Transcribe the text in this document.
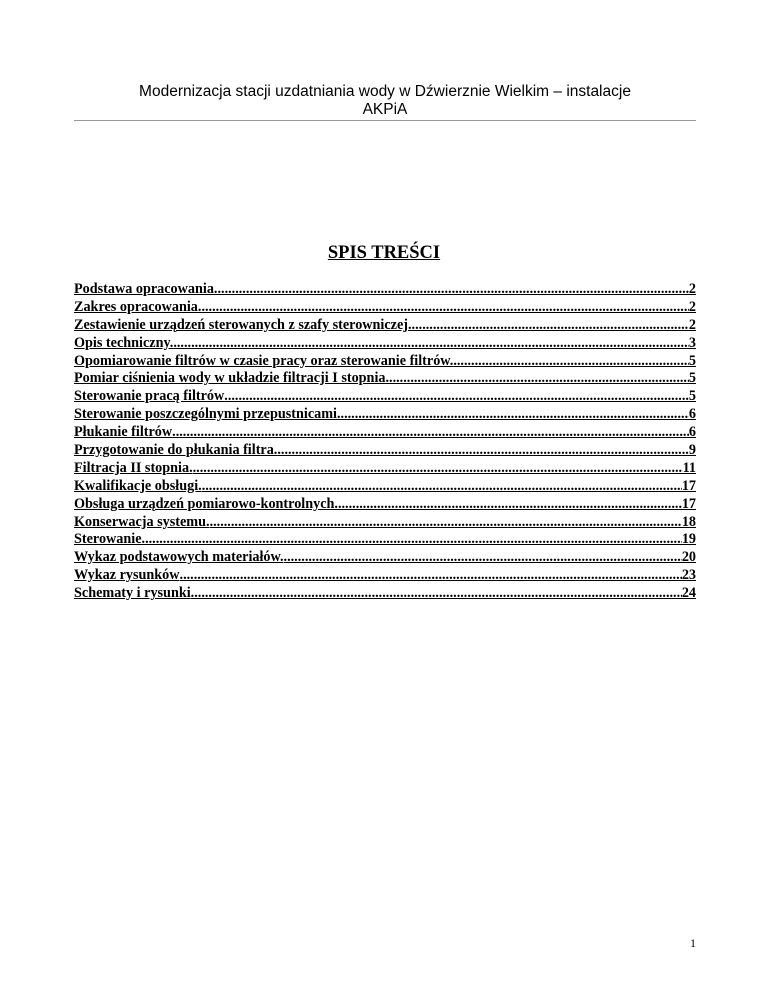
Modernizacja stacji uzdatniania wody w Dźwierznie Wielkim – instalacje
AKPiA
SPIS TREŚCI
Podstawa opracowania .....	2
Zakres opracowania. .....	2
Zestawienie urządzeń sterowanych z szafy sterowniczej .....	2
Opis techniczny. .....	3
Opomiarowanie filtrów w czasie pracy oraz sterowanie filtrów. .....	5
Pomiar ciśnienia wody w układzie filtracji I stopnia .....	5
Sterowanie pracą filtrów .....	5
Sterowanie poszczególnymi przepustnicami .....	6
Płukanie filtrów .....	6
Przygotowanie do płukania filtra. .....	9
Filtracja II stopnia. .....	11
Kwalifikacje obsługi. .....	17
Obsługa urządzeń pomiarowo-kontrolnych. .....	17
Konserwacja systemu. .....	18
Sterowanie. .....	19
Wykaz podstawowych materiałów. .....	20
Wykaz rysunków .....	23
Schematy i rysunki .....	24
1
